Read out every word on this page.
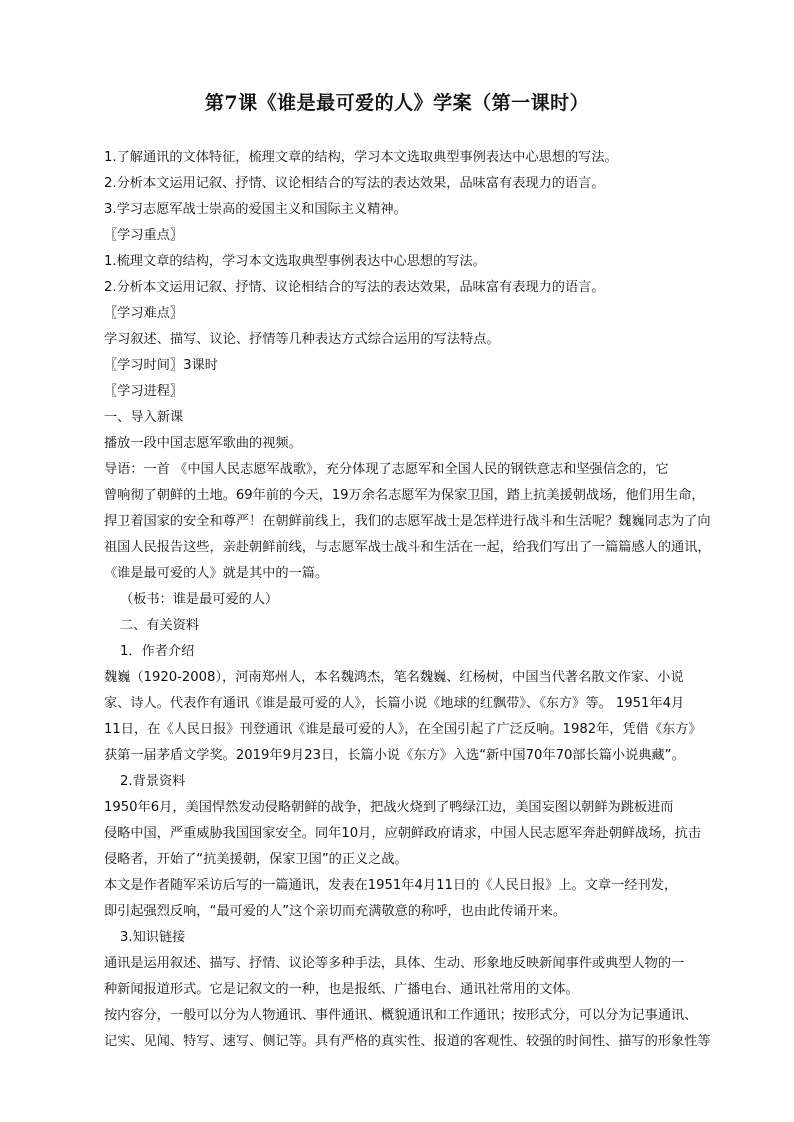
第7课《谁是最可爱的人》学案（第一课时）
1.了解通讯的文体特征，梳理文章的结构，学习本文选取典型事例表达中心思想的写法。
2.分析本文运用记叙、抒情、议论相结合的写法的表达效果，品味富有表现力的语言。
3.学习志愿军战士崇高的爱国主义和国际主义精神。
〖学习重点〗
1.梳理文章的结构，学习本文选取典型事例表达中心思想的写法。
2.分析本文运用记叙、抒情、议论相结合的写法的表达效果，品味富有表现力的语言。
〖学习难点〗
学习叙述、描写、议论、抒情等几种表达方式综合运用的写法特点。
〖学习时间〗3课时
〖学习进程〗
一、导入新课
播放一段中国志愿军歌曲的视频。
导语：一首 《中国人民志愿军战歌》，充分体现了志愿军和全国人民的钢铁意志和坚强信念的，它
曾响彻了朝鲜的土地。69年前的今天，19万余名志愿军为保家卫国，踏上抗美援朝战场，他们用生命，
捍卫着国家的安全和尊严！在朝鲜前线上，我们的志愿军战士是怎样进行战斗和生活呢？魏巍同志为了向
祖国人民报告这些，亲赴朝鲜前线，与志愿军战士战斗和生活在一起，给我们写出了一篇篇感人的通讯，
《谁是最可爱的人》就是其中的一篇。
（板书：谁是最可爱的人）
二、有关资料
1．作者介绍
魏巍（1920-2008），河南郑州人，本名魏鸿杰，笔名魏巍、红杨树，中国当代著名散文作家、小说
家、诗人。代表作有通讯《谁是最可爱的人》，长篇小说《地球的红飘带》、《东方》等。 1951年4月
11日，在《人民日报》刊登通讯《谁是最可爱的人》，在全国引起了广泛反响。1982年，凭借《东方》
获第一届茅盾文学奖。2019年9月23日，长篇小说《东方》入选“新中国70年70部长篇小说典藏”。
2.背景资料
1950年6月，美国悍然发动侵略朝鲜的战争，把战火烧到了鸭绿江边，美国妄图以朝鲜为跳板进而
侵略中国，严重威胁我国国家安全。同年10月，应朝鲜政府请求，中国人民志愿军奔赴朝鲜战场，抗击
侵略者，开始了“抗美援朝，保家卫国”的正义之战。
本文是作者随军采访后写的一篇通讯，发表在1951年4月11日的《人民日报》上。文章一经刊发，
即引起强烈反响，“最可爱的人”这个亲切而充满敬意的称呼，也由此传诵开来。
3.知识链接
通讯是运用叙述、描写、抒情、议论等多种手法，具体、生动、形象地反映新闻事件或典型人物的一
种新闻报道形式。它是记叙文的一种，也是报纸、广播电台、通讯社常用的文体。
按内容分，一般可以分为人物通讯、事件通讯、概貌通讯和工作通讯；按形式分，可以分为记事通讯、
记实、见闻、特写、速写、侧记等。具有严格的真实性、报道的客观性、较强的时间性、描写的形象性等
